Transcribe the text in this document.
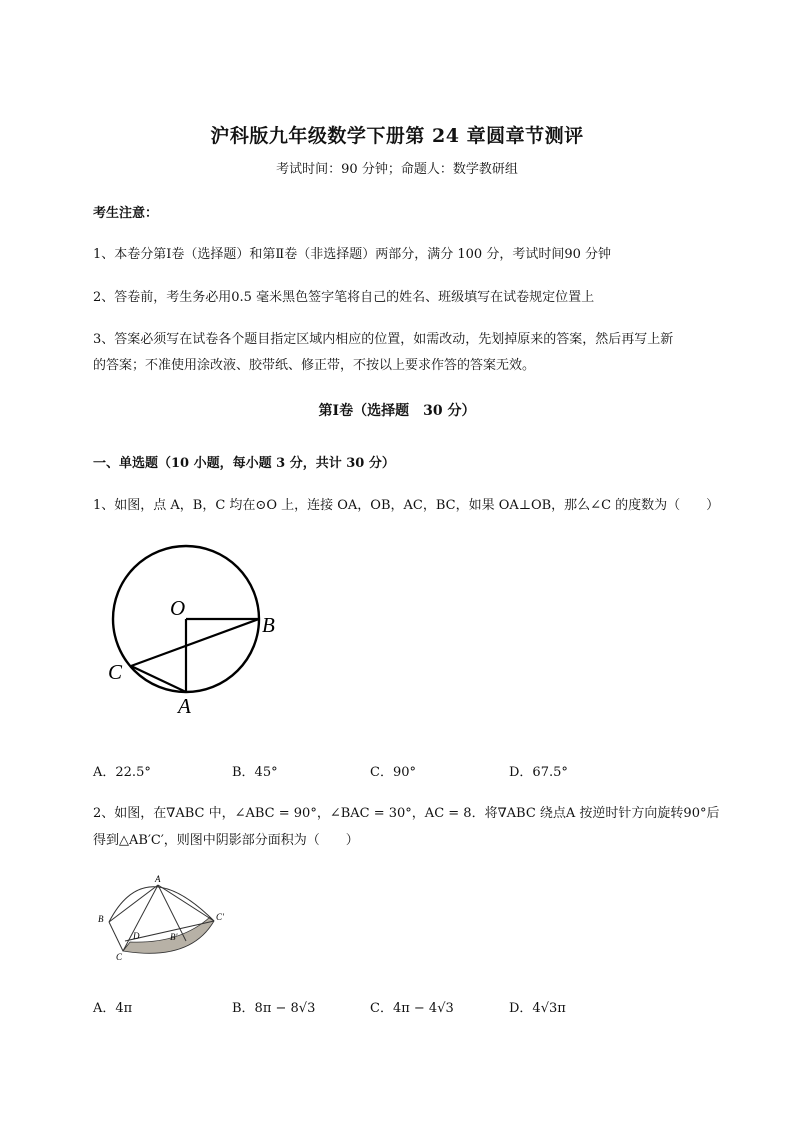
沪科版九年级数学下册第 24 章圆章节测评
考试时间：90 分钟；命题人：数学教研组
考生注意：
1、本卷分第Ⅰ卷（选择题）和第Ⅱ卷（非选择题）两部分，满分 100 分，考试时间90 分钟
2、答卷前，考生务必用0.5 毫米黑色签字笔将自己的姓名、班级填写在试卷规定位置上
3、答案必须写在试卷各个题目指定区域内相应的位置，如需改动，先划掉原来的答案，然后再写上新
的答案；不准使用涂改液、胶带纸、修正带，不按以上要求作答的答案无效。
第Ⅰ卷（选择题　30 分）
一、单选题（10 小题，每小题 3 分，共计 30 分）
1、如图，点 A，B，C 均在⊙O 上，连接 OA，OB，AC，BC，如果 OA⊥OB，那么∠C 的度数为（　　）
O
B
C
A
A．22.5°	B．45°	C．90°	D．67.5°
2、如图，在∇ABC 中，∠ABC = 90°，∠BAC = 30°，AC = 8．将∇ABC 绕点A 按逆时针方向旋转90°后
得到△AB′C′，则图中阴影部分面积为（　　）
A
B
D	B′
C′
C
A．4π	B．8π − 8√3	C．4π − 4√3	D．4√3π
